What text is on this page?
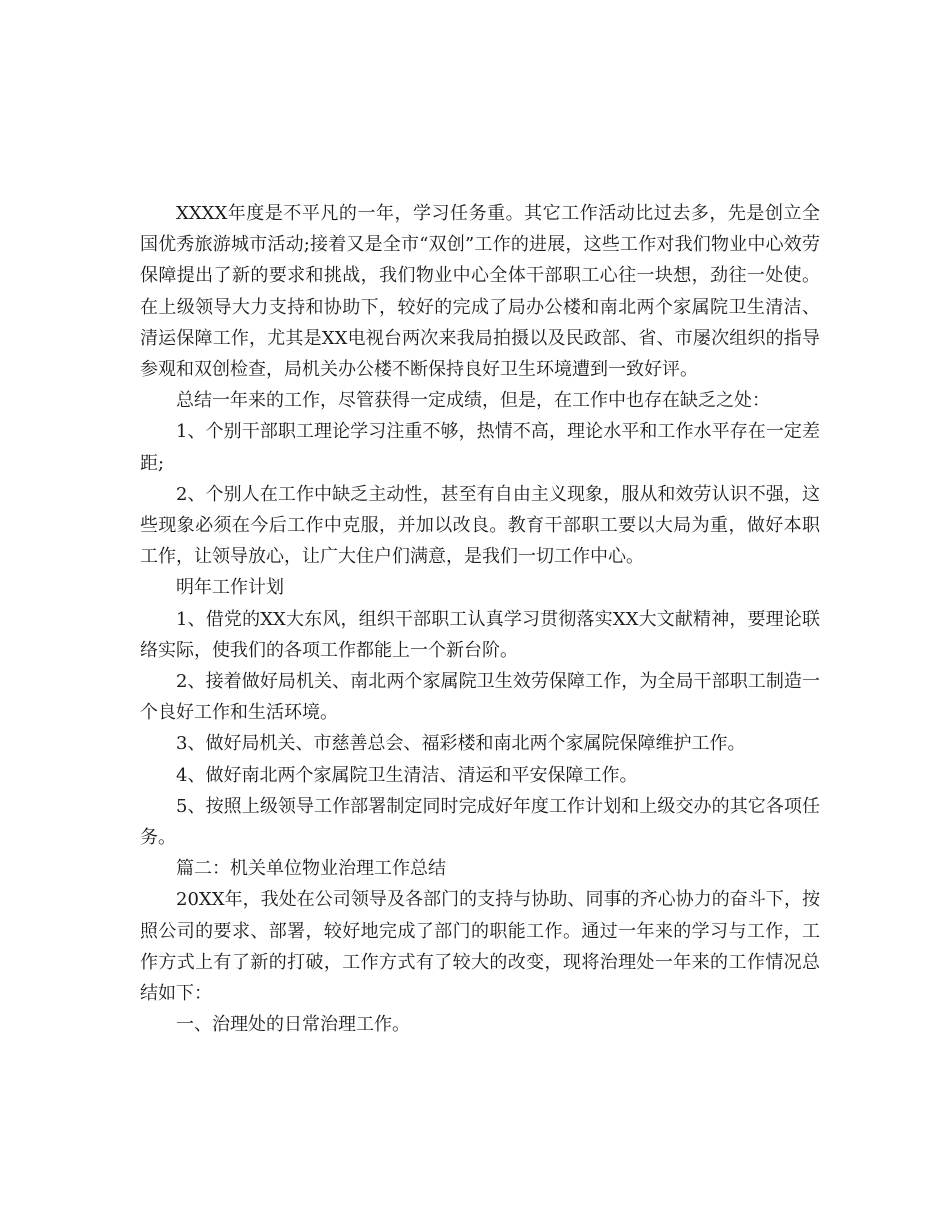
XXXX年度是不平凡的一年，学习任务重。其它工作活动比过去多，先是创立全国优秀旅游城市活动;接着又是全市“双创”工作的进展，这些工作对我们物业中心效劳保障提出了新的要求和挑战，我们物业中心全体干部职工心往一块想，劲往一处使。在上级领导大力支持和协助下，较好的完成了局办公楼和南北两个家属院卫生清洁、清运保障工作，尤其是XX电视台两次来我局拍摄以及民政部、省、市屡次组织的指导参观和双创检查，局机关办公楼不断保持良好卫生环境遭到一致好评。

总结一年来的工作，尽管获得一定成绩，但是，在工作中也存在缺乏之处：

1、个别干部职工理论学习注重不够，热情不高，理论水平和工作水平存在一定差距;

2、个别人在工作中缺乏主动性，甚至有自由主义现象，服从和效劳认识不强，这些现象必须在今后工作中克服，并加以改良。教育干部职工要以大局为重，做好本职工作，让领导放心，让广大住户们满意，是我们一切工作中心。

明年工作计划

1、借党的XX大东风，组织干部职工认真学习贯彻落实XX大文献精神，要理论联络实际，使我们的各项工作都能上一个新台阶。

2、接着做好局机关、南北两个家属院卫生效劳保障工作，为全局干部职工制造一个良好工作和生活环境。

3、做好局机关、市慈善总会、福彩楼和南北两个家属院保障维护工作。

4、做好南北两个家属院卫生清洁、清运和平安保障工作。

5、按照上级领导工作部署制定同时完成好年度工作计划和上级交办的其它各项任务。

篇二：机关单位物业治理工作总结

20XX年，我处在公司领导及各部门的支持与协助、同事的齐心协力的奋斗下，按照公司的要求、部署，较好地完成了部门的职能工作。通过一年来的学习与工作，工作方式上有了新的打破，工作方式有了较大的改变，现将治理处一年来的工作情况总结如下：

一、治理处的日常治理工作。
